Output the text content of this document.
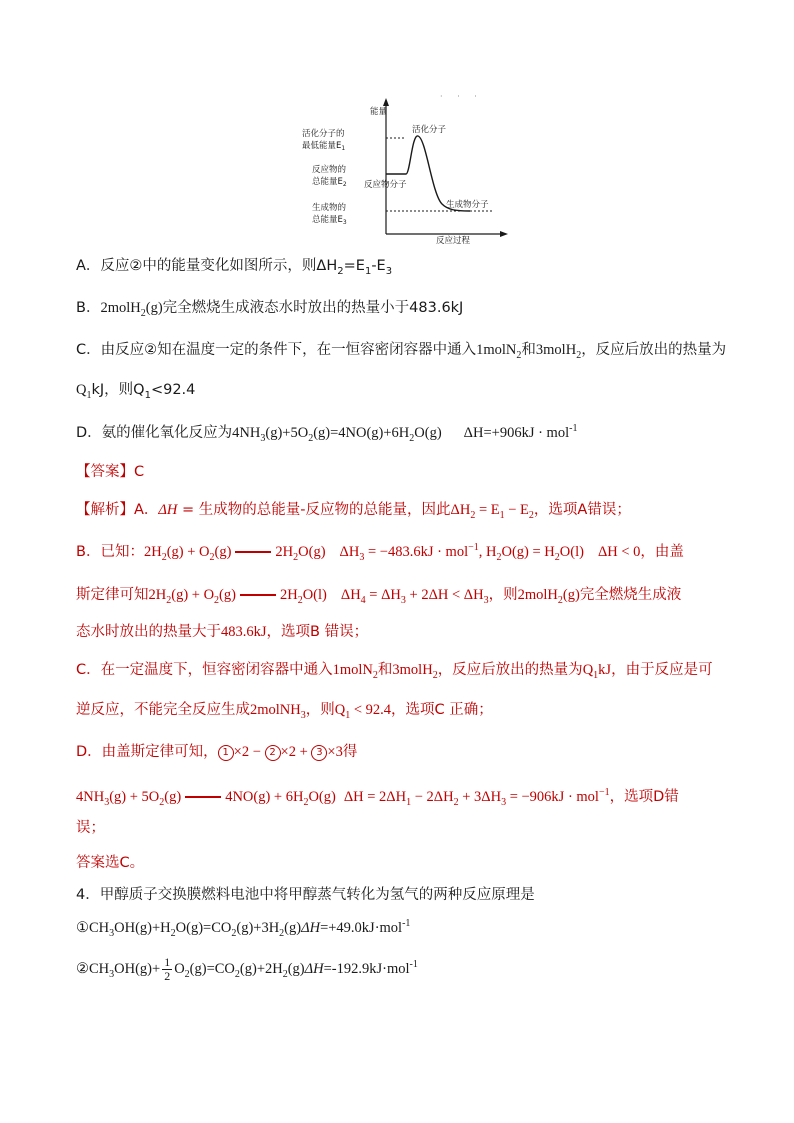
· · ·
能量
活化分子的
最低能量$E_1$
反应物的
总能量$E_2$
生成物的
总能量$E_3$
活化分子
反应物分子
生成物分子
反应过程
A．反应②中的能量变化如图所示，则$\Delta H_2=E_1-E_3$
B．2molH$_2$(g)完全燃烧生成液态水时放出的热量小于483.6kJ
C．由反应②知在温度一定的条件下，在一恒容密闭容器中通入1molN$_2$和3molH$_2$，反应后放出的热量为
$Q_1kJ$，则$Q_1<92.4$
D．氨的催化氧化反应为$4NH_3(g)+5O_2(g)=4NO(g)+6H_2O(g) \Delta H=+906kJ \cdot mol^{-1}$
【答案】C
【解析】A．ΔH = 生成物的总能量-反应物的总能量，因此$\Delta H_2 = E_1 - E_2$，选项A错误；
B．已知：$2H_2(g) + O_2(g)$	$2H_2O(g) \Delta H_3 = -483.6kJ \cdot mol^{-1}$, $H_2O(g) = H_2O(l) \Delta H < 0$，由盖
斯定律可知$2H_2(g) + O_2(g)$	$2H_2O(l) \Delta H_4 = \Delta H_3 + 2\Delta H < \Delta H_3$，则2molH$_2$(g)完全燃烧生成液
态水时放出的热量大于483.6kJ，选项B 错误；
C．在一定温度下，恒容密闭容器中通入1molN$_2$和3molH$_2$，反应后放出的热量为$Q_1kJ$，由于反应是可
逆反应，不能完全反应生成2molNH$_3$，则$Q_1 < 92.4$，选项C 正确；
D．由盖斯定律可知， 1 ×2 − 2 ×2 + 3 ×3得
$4NH_3(g) + 5O_2(g)$	$4NO(g) + 6H_2O(g) \Delta H = 2\Delta H_1 - 2\Delta H_2 + 3\Delta H_3 = -906kJ \cdot mol^{-1}$，选项D错
误；
答案选C。
4．甲醇质子交换膜燃料电池中将甲醇蒸气转化为氢气的两种反应原理是
$①CH_3OH(g)+H_2O(g)=CO_2(g)+3H_2(g)\Delta H=+49.0kJ\cdot mol^{-1}$
$②CH_3OH(g)+ \frac{1}{2} O_2(g)=CO_2(g)+2H_2(g)\Delta H=-192.9kJ\cdot mol^{-1}$
